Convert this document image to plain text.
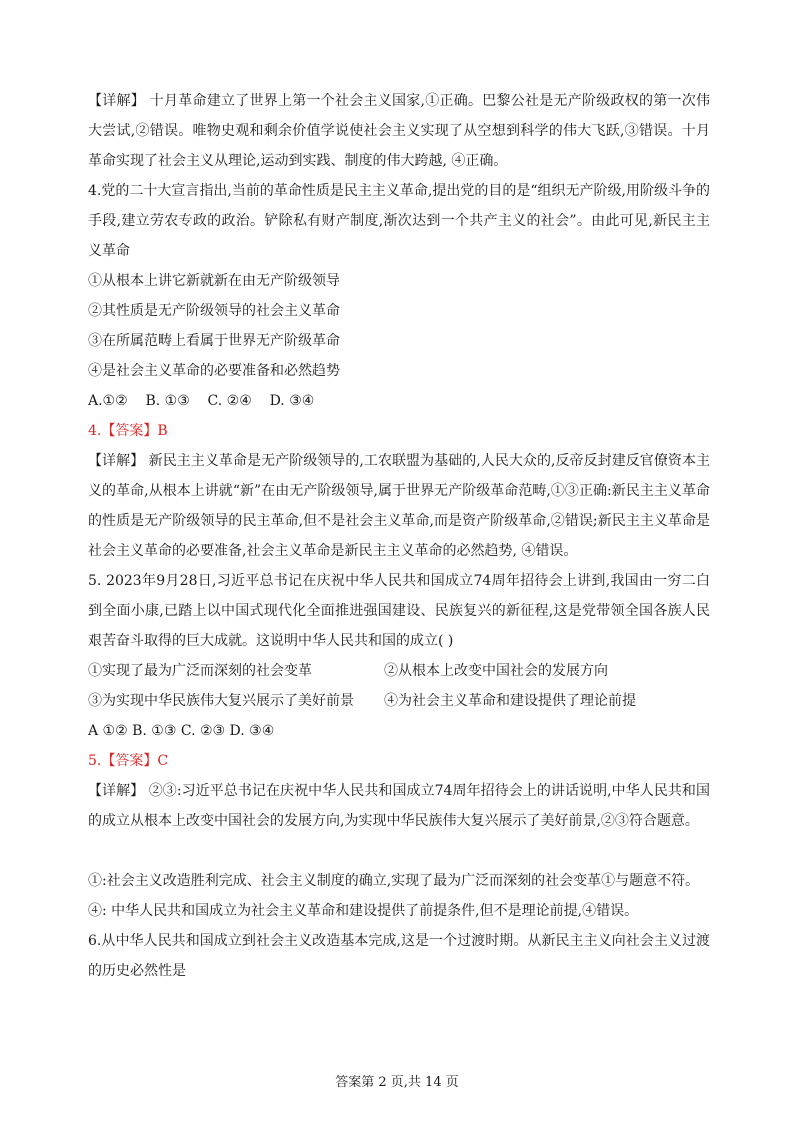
【详解】 十月革命建立了世界上第一个社会主义国家,①正确。巴黎公社是无产阶级政权的第一次伟大尝试,②错误。唯物史观和剩余价值学说使社会主义实现了从空想到科学的伟大飞跃,③错误。十月革命实现了社会主义从理论,运动到实践、制度的伟大跨越, ④正确。
4.党的二十大宣言指出,当前的革命性质是民主主义革命,提出党的目的是“组织无产阶级,用阶级斗争的手段,建立劳农专政的政治。铲除私有财产制度,渐次达到一个共产主义的社会”。由此可见,新民主主义革命
①从根本上讲它新就新在由无产阶级领导
②其性质是无产阶级领导的社会主义革命
③在所属范畴上看属于世界无产阶级革命
④是社会主义革命的必要准备和必然趋势
A.①②    B. ①③    C. ②④    D. ③④
4.【答案】B
【详解】 新民主主义革命是无产阶级领导的,工农联盟为基础的,人民大众的,反帝反封建反官僚资本主义的革命,从根本上讲就“新”在由无产阶级领导,属于世界无产阶级革命范畴,①③正确:新民主主义革命的性质是无产阶级领导的民主革命,但不是社会主义革命,而是资产阶级革命,②错误;新民主主义革命是社会主义革命的必要准备,社会主义革命是新民主主义革命的必然趋势, ④错误。
5. 2023年9月28日,习近平总书记在庆祝中华人民共和国成立74周年招待会上讲到,我国由一穷二白到全面小康,已踏上以中国式现代化全面推进强国建设、民族复兴的新征程,这是党带领全国各族人民艰苦奋斗取得的巨大成就。这说明中华人民共和国的成立( )
①实现了最为广泛而深刻的社会变革	②从根本上改变中国社会的发展方向
③为实现中华民族伟大复兴展示了美好前景 ④为社会主义革命和建设提供了理论前提
A ①② B. ①③ C. ②③ D. ③④
5.【答案】C
【详解】 ②③:习近平总书记在庆祝中华人民共和国成立74周年招待会上的讲话说明,中华人民共和国的成立从根本上改变中国社会的发展方向,为实现中华民族伟大复兴展示了美好前景,②③符合题意。
①:社会主义改造胜利完成、社会主义制度的确立,实现了最为广泛而深刻的社会变革①与题意不符。
④: 中华人民共和国成立为社会主义革命和建设提供了前提条件,但不是理论前提,④错误。
6.从中华人民共和国成立到社会主义改造基本完成,这是一个过渡时期。从新民主主义向社会主义过渡的历史必然性是
答案第 2 页,共 14 页
